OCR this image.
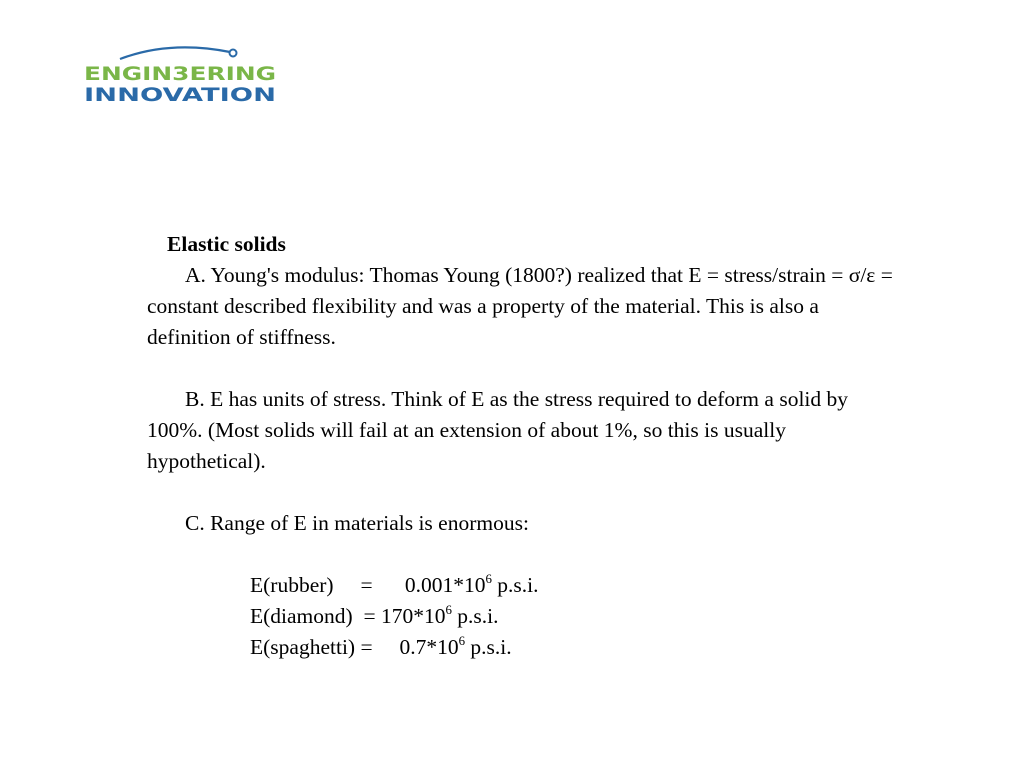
ENGIN3ERING
INNOVATION
Elastic solids

A. Young's modulus: Thomas Young (1800?) realized that E = stress/strain = σ/ε = constant described flexibility and was a property of the material. This is also a definition of stiffness.

B. E has units of stress. Think of E as the stress required to deform a solid by 100%. (Most solids will fail at an extension of about 1%, so this is usually hypothetical).

C. Range of E in materials is enormous:

E(rubber)     =      $0.001*10^6$ p.s.i.
E(diamond)  = $170*10^6$ p.s.i.
E(spaghetti) =     $0.7*10^6$ p.s.i.
